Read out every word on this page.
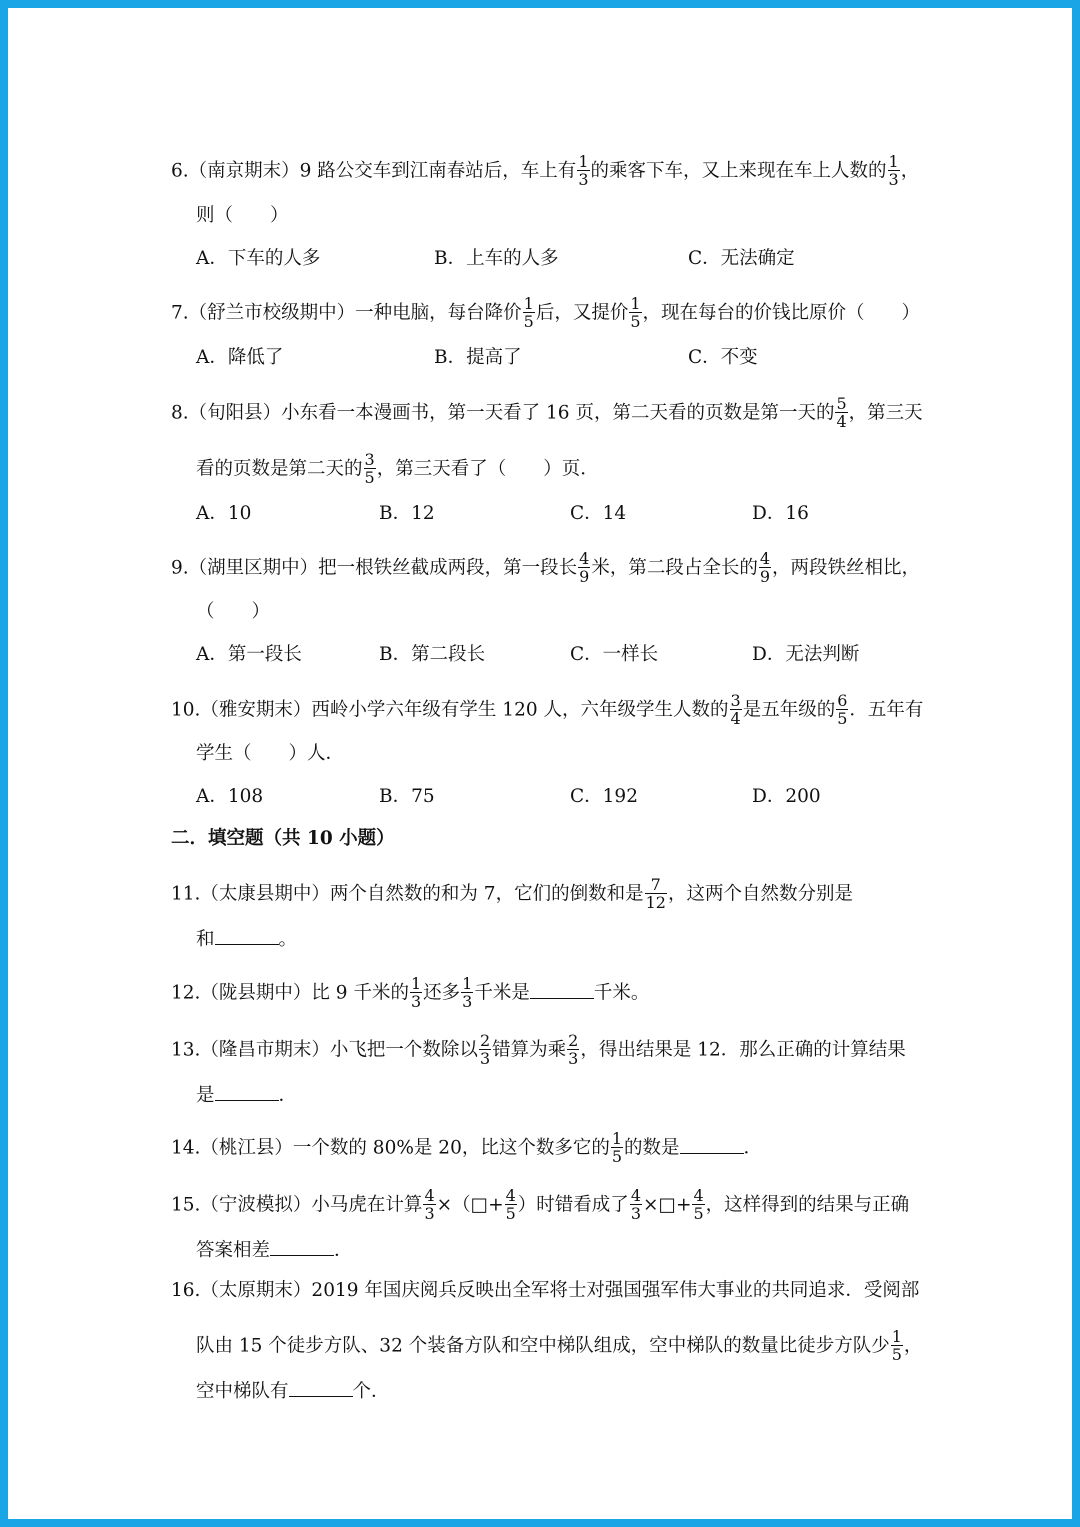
6.（南京期末）9 路公交车到江南春站后，车上有 $\frac{1}{3}$ 的乘客下车，又上来现在车上人数的 $\frac{1}{3}$ ，
则（　　）
A．下车的人多	B．上车的人多	C．无法确定
7.（舒兰市校级期中）一种电脑，每台降价 $\frac{1}{5}$ 后，又提价 $\frac{1}{5}$ ，现在每台的价钱比原价（　　）
A．降低了	B．提高了	C．不变
8.（旬阳县）小东看一本漫画书，第一天看了 16 页，第二天看的页数是第一天的 $\frac{5}{4}$ ，第三天
看的页数是第二天的 $\frac{3}{5}$ ，第三天看了（　　）页．
A．10	B．12	C．14	D．16
9.（湖里区期中）把一根铁丝截成两段，第一段长 $\frac{4}{9}$ 米，第二段占全长的 $\frac{4}{9}$ ，两段铁丝相比，
（　　）
A．第一段长	B．第二段长	C．一样长	D．无法判断
10.（雅安期末）西岭小学六年级有学生 120 人，六年级学生人数的 $\frac{3}{4}$ 是五年级的 $\frac{6}{5}$ ．五年有
学生（　　）人．
A．108	B．75	C．192	D．200
二．填空题（共 10 小题）
11.（太康县期中）两个自然数的和为 7，它们的倒数和是 $\frac{7}{12}$ ，这两个自然数分别是
和	。
12.（陇县期中）比 9 千米的 $\frac{1}{3}$ 还多 $\frac{1}{3}$ 千米是	千米。
13.（隆昌市期末）小飞把一个数除以 $\frac{2}{3}$ 错算为乘 $\frac{2}{3}$ ，得出结果是 12．那么正确的计算结果
是	．
14.（桃江县）一个数的 80%是 20，比这个数多它的 $\frac{1}{5}$ 的数是	．
15.（宁波模拟）小马虎在计算 $\frac{4}{3}$ ×（□+ $\frac{4}{5}$ ）时错看成了 $\frac{4}{3}$ ×□+ $\frac{4}{5}$ ，这样得到的结果与正确
答案相差	．
16.（太原期末）2019 年国庆阅兵反映出全军将士对强国强军伟大事业的共同追求．受阅部
队由 15 个徒步方队、32 个装备方队和空中梯队组成，空中梯队的数量比徒步方队少 $\frac{1}{5}$ ，
空中梯队有	个．
